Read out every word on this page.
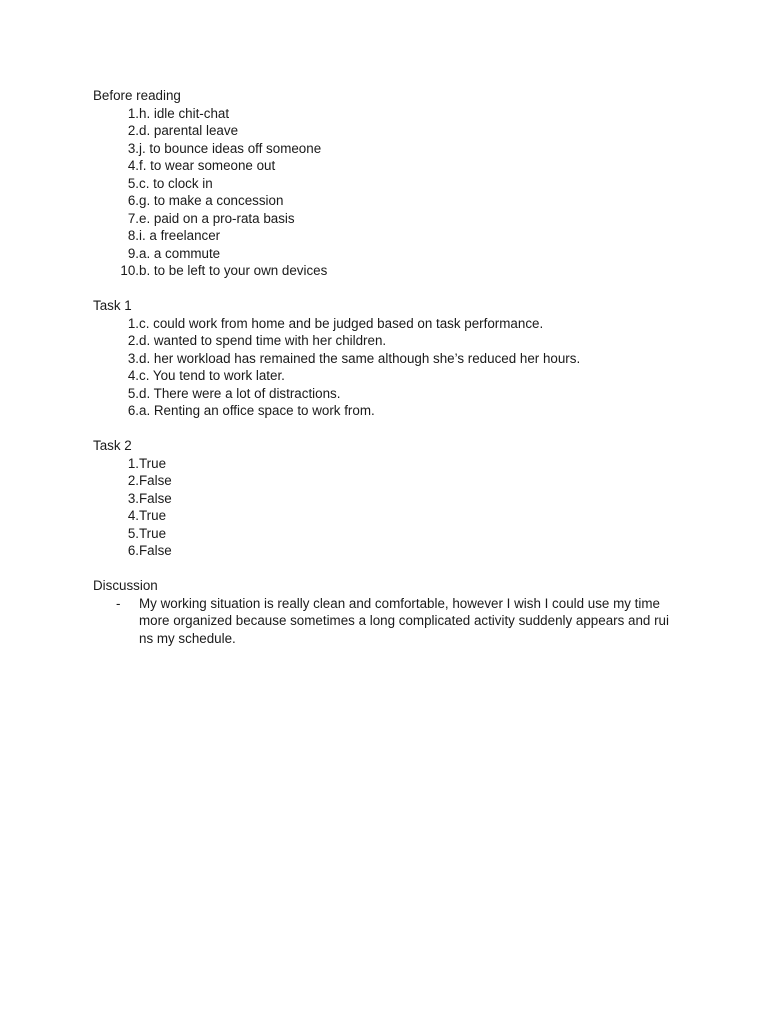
Before reading
1. h. idle chit-chat
2. d. parental leave
3. j. to bounce ideas off someone
4. f. to wear someone out
5. c. to clock in
6. g. to make a concession
7. e. paid on a pro-rata basis
8. i. a freelancer
9. a. a commute
10. b. to be left to your own devices
Task 1
1. c. could work from home and be judged based on task performance.
2. d. wanted to spend time with her children.
3. d. her workload has remained the same although she’s reduced her hours.
4. c. You tend to work later.
5. d. There were a lot of distractions.
6. a. Renting an office space to work from.
Task 2
1. True
2. False
3. False
4. True
5. True
6. False
Discussion
-	My working situation is really clean and comfortable, however I wish I could use my time more organized because sometimes a long complicated activity suddenly appears and ruins my schedule.
